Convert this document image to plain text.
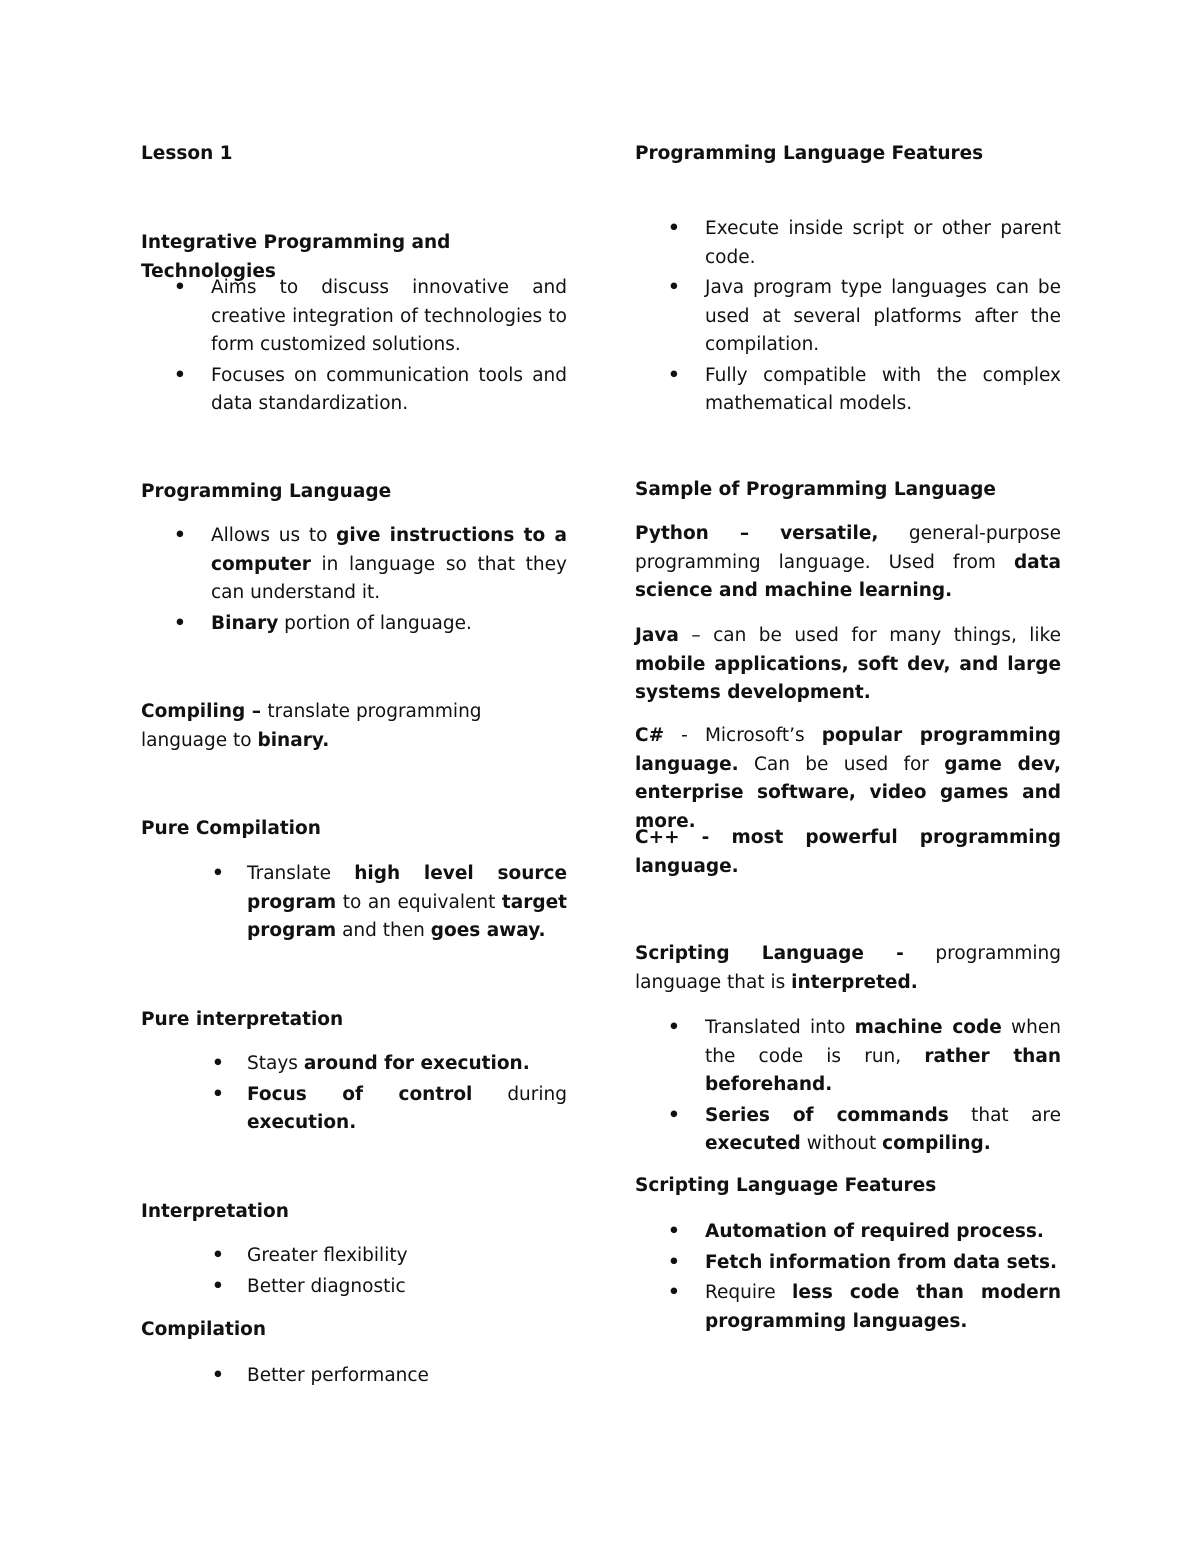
Lesson 1
Integrative Programming and Technologies
• Aims to discuss innovative and creative integration of technologies to form customized solutions.
• Focuses on communication tools and data standardization.
Programming Language
• Allows us to give instructions to a computer in language so that they can understand it.
• Binary portion of language.

Compiling – translate programming language to binary.

Pure Compilation
• Translate high level source program to an equivalent target program and then goes away.
Pure interpretation
• Stays around for execution.
• Focus of control during execution.
Interpretation
• Greater flexibility
• Better diagnostic
Compilation
• Better performance
Programming Language Features
• Execute inside script or other parent code.
• Java program type languages can be used at several platforms after the compilation.
• Fully compatible with the complex mathematical models.
Sample of Programming Language

Python – versatile, general-purpose programming language. Used from data science and machine learning.

Java – can be used for many things, like mobile applications, soft dev, and large systems development.

C# - Microsoft’s popular programming language. Can be used for game dev, enterprise software, video games and more.

C++ - most powerful programming language.

Scripting Language - programming language that is interpreted.

• Translated into machine code when the code is run, rather than beforehand.
• Series of commands that are executed without compiling.
Scripting Language Features
• Automation of required process.
• Fetch information from data sets.
• Require less code than modern programming languages.
